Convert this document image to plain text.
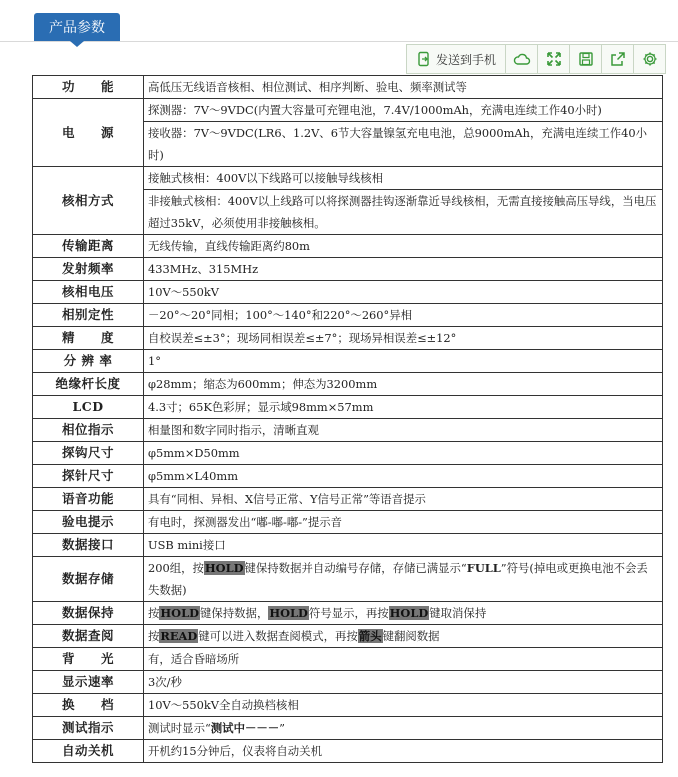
产品参数
发送到手机
功　　能	高低压无线语音核相、相位测试、相序判断、验电、频率测试等
电　　源	探测器：7V～9VDC(内置大容量可充锂电池，7.4V/1000mAh，充满电连续工作40小时)
接收器：7V～9VDC(LR6、1.2V、6节大容量镍氢充电电池，总9000mAh，充满电连续工作40小时)

核相方式	接触式核相：400V以下线路可以接触导线核相
非接触式核相：400V以上线路可以将探测器挂钩逐渐靠近导线核相，无需直接接触高压导线，当电压超过35kV，必须使用非接触核相。

传输距离	无线传输，直线传输距离约80m
发射频率	433MHz、315MHz
核相电压	10V～550kV
相别定性	－20°～20°同相；100°～140°和220°～260°异相
精　　度	自校误差≤±3°；现场同相误差≤±7°；现场异相误差≤±12°
分 辨 率	1°
绝缘杆长度	φ28mm；缩态为600mm；伸态为3200mm
LCD	4.3寸；65K色彩屏；显示域98mm×57mm
相位指示	相量图和数字同时指示，清晰直观
探钩尺寸	φ5mm×D50mm
探针尺寸	φ5mm×L40mm
语音功能	具有“同相、异相、X信号正常、Y信号正常”等语音提示
验电提示	有电时，探测器发出“嘟-嘟-嘟-”提示音
数据接口	USB mini接口
数据存储	200组，按HOLD键保持数据并自动编号存储，存储已满显示“FULL”符号(掉电或更换电池不会丢失数据)
数据保持	按HOLD键保持数据，HOLD符号显示，再按HOLD键取消保持
数据查阅	按READ键可以进入数据查阅模式，再按箭头键翻阅数据
背　　光	有，适合昏暗场所
显示速率	3次/秒
换　　档	10V～550kV全自动换档核相
测试指示	测试时显示“测试中－－－”
自动关机	开机约15分钟后，仪表将自动关机
